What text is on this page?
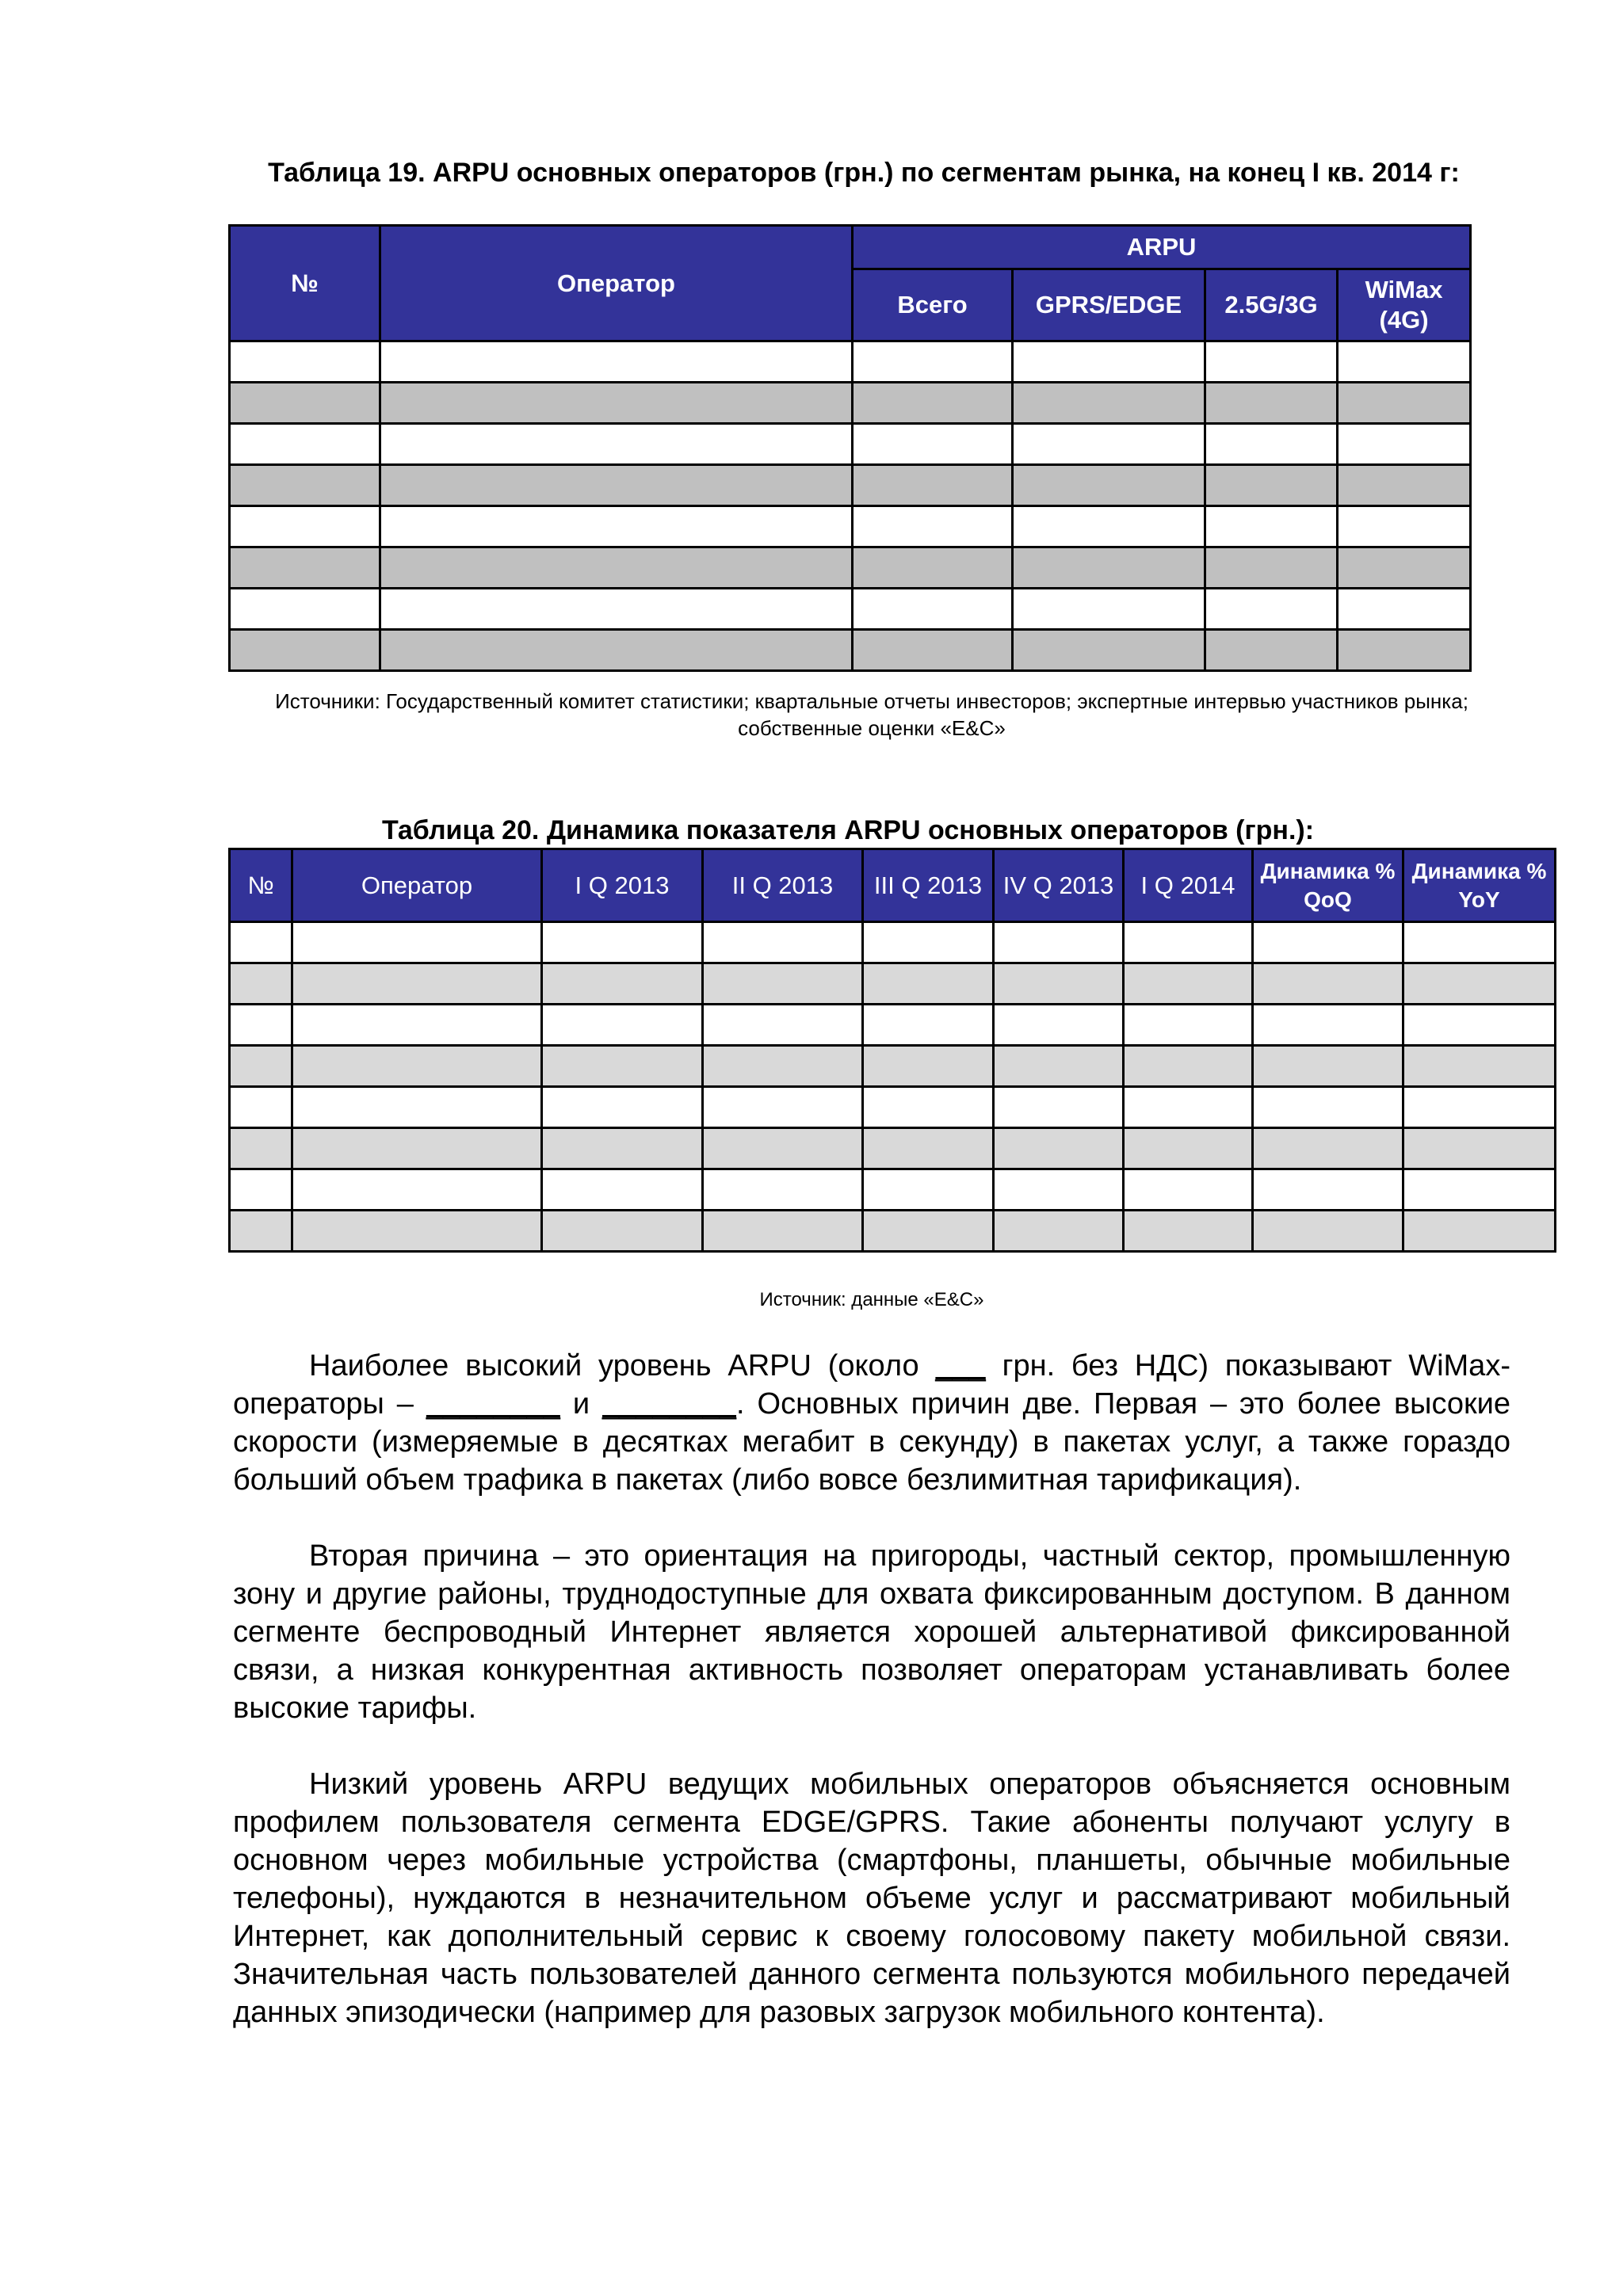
Таблица 19. ARPU основных операторов (грн.) по сегментам рынка, на конец I кв. 2014 г:
№	Оператор	ARPU			
		Всего	GPRS/EDGE	2.5G/3G	WiMax (4G)

Источники: Государственный комитет статистики; квартальные отчеты инвесторов; экспертные интервью участников рынка; собственные оценки «E&C»
Таблица 20. Динамика показателя ARPU основных операторов (грн.):
№	Оператор	I Q 2013	II Q 2013	III Q 2013	IV Q 2013	I Q 2014	Динамика % QoQ	Динамика % YoY

Источник: данные «E&C»

Наиболее высокий уровень ARPU (около ___ грн. без НДС) показывают WiMax-операторы – ________ и ________. Основных причин две. Первая – это более высокие скорости (измеряемые в десятках мегабит в секунду) в пакетах услуг, а также гораздо больший объем трафика в пакетах (либо вовсе безлимитная тарификация).

Вторая причина – это ориентация на пригороды, частный сектор, промышленную зону и другие районы, труднодоступные для охвата фиксированным доступом. В данном сегменте беспроводный Интернет является хорошей альтернативой фиксированной связи, а низкая конкурентная активность позволяет операторам устанавливать более высокие тарифы.

Низкий уровень ARPU ведущих мобильных операторов объясняется основным профилем пользователя сегмента EDGE/GPRS. Такие абоненты получают услугу в основном через мобильные устройства (смартфоны, планшеты, обычные мобильные телефоны), нуждаются в незначительном объеме услуг и рассматривают мобильный Интернет, как дополнительный сервис к своему голосовому пакету мобильной связи. Значительная часть пользователей данного сегмента пользуются мобильного передачей данных эпизодически (например для разовых загрузок мобильного контента).
